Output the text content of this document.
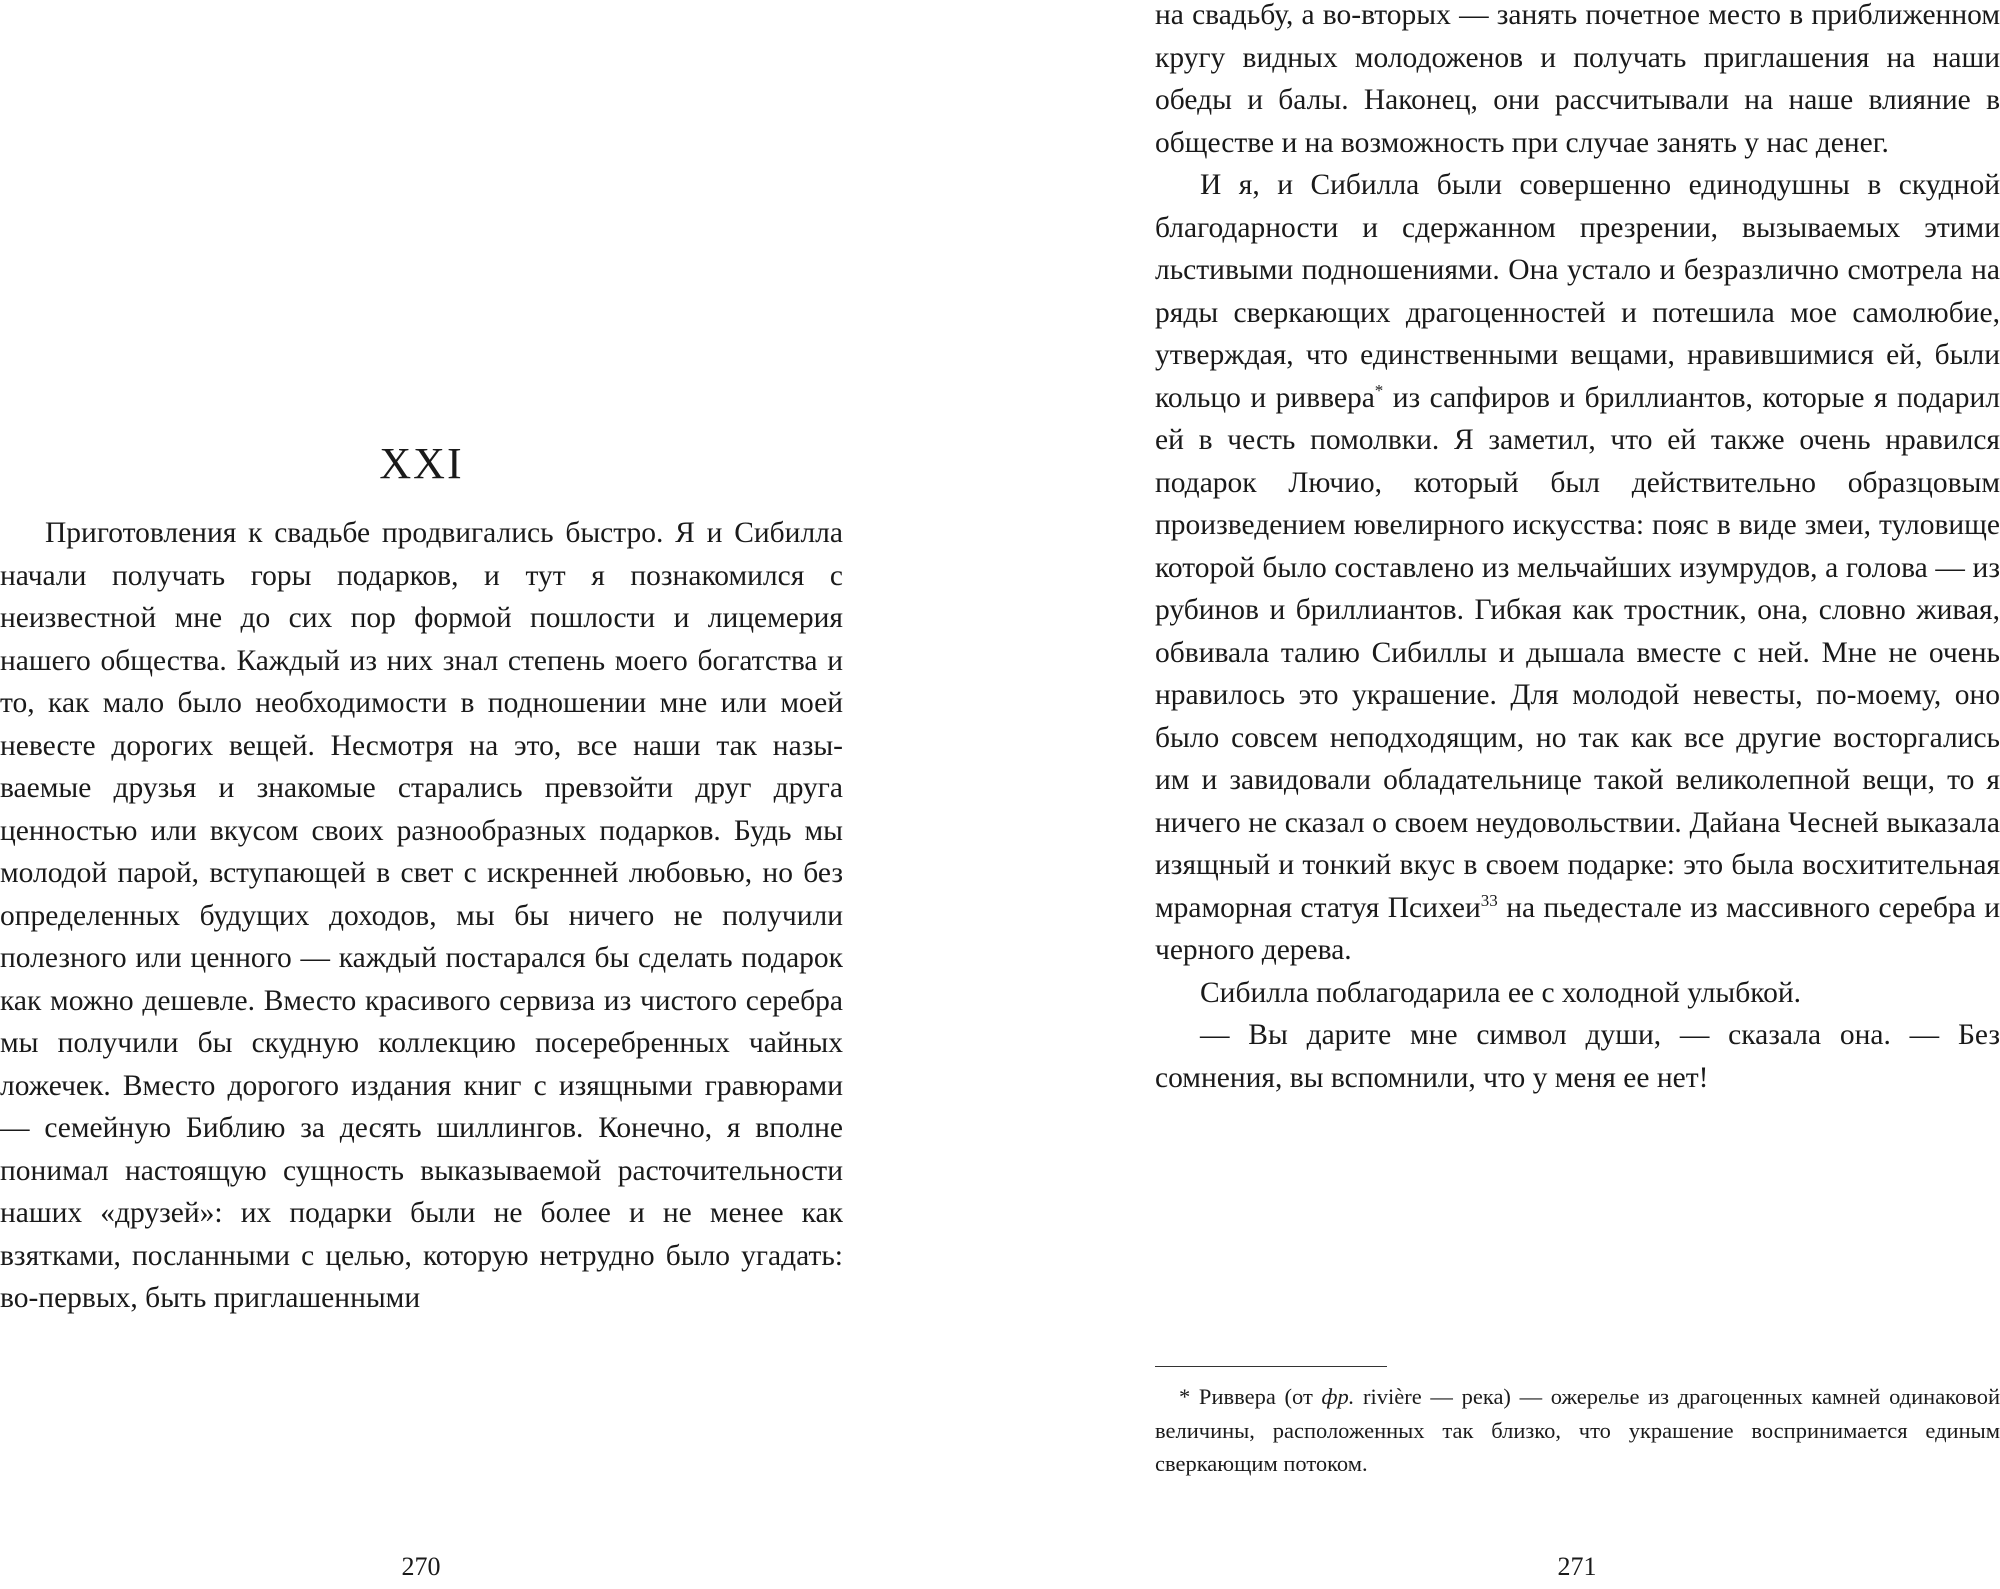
XXI

Приготовления к свадьбе продвигались быстро. Я и Сибилла начали получать горы подарков, и тут я познакомился с неизвестной мне до сих пор формой пошлости и лицемерия нашего общества. Каждый из них знал степень моего богатства и то, как мало было необходимости в подношении мне или моей невесте дорогих вещей. Несмотря на это, все наши так называемые друзья и знакомые старались превзойти друг друга ценностью или вкусом своих разнообразных подарков. Будь мы молодой парой, вступающей в свет с искренней любовью, но без определенных будущих доходов, мы бы ничего не получили полезного или ценного — каждый постарался бы сделать подарок как можно дешевле. Вместо красивого сервиза из чистого серебра мы получили бы скудную коллекцию посеребренных чайных ложечек. Вместо дорогого издания книг с изящными гравюрами — семейную Библию за десять шиллингов. Конечно, я вполне понимал настоящую сущность выказываемой расточительности наших «друзей»: их подарки были не более и не менее как взятками, посланными с целью, которую нетрудно было угадать: во-первых, быть приглашенными

270

на свадьбу, а во-вторых — занять почетное место в приближенном кругу видных молодоженов и получать приглашения на наши обеды и балы. Наконец, они рассчитывали на наше влияние в обществе и на возможность при случае занять у нас денег.

И я, и Сибилла были совершенно единодушны в скудной благодарности и сдержанном презрении, вызываемых этими льстивыми подношениями. Она устало и безразлично смотрела на ряды сверкающих драгоценностей и потешила мое самолюбие, утверждая, что единственными вещами, нравившимися ей, были кольцо и риввера* из сапфиров и бриллиантов, которые я подарил ей в честь помолвки. Я заметил, что ей также очень нравился подарок Лючио, который был действительно образцовым произведением ювелирного искусства: пояс в виде змеи, туловище которой было составлено из мельчайших изумрудов, а голова — из рубинов и бриллиантов. Гибкая как тростник, она, словно живая, обвивала талию Сибиллы и дышала вместе с ней. Мне не очень нравилось это украшение. Для молодой невесты, по-моему, оно было совсем неподходящим, но так как все другие восторгались им и завидовали обладательнице такой великолепной вещи, то я ничего не сказал о своем неудовольствии. Дайана Чесней выказала изящный и тонкий вкус в своем подарке: это была восхитительная мраморная статуя Психеи$^{33}$ на пьедестале из массивного серебра и черного дерева.

Сибилла поблагодарила ее с холодной улыбкой.

— Вы дарите мне символ души, — сказала она. — Без сомнения, вы вспомнили, что у меня ее нет!

* Риввера (от фр. rivière — река) — ожерелье из драгоценных камней одинаковой величины, расположенных так близко, что украшение воспринимается единым сверкающим потоком.

271
